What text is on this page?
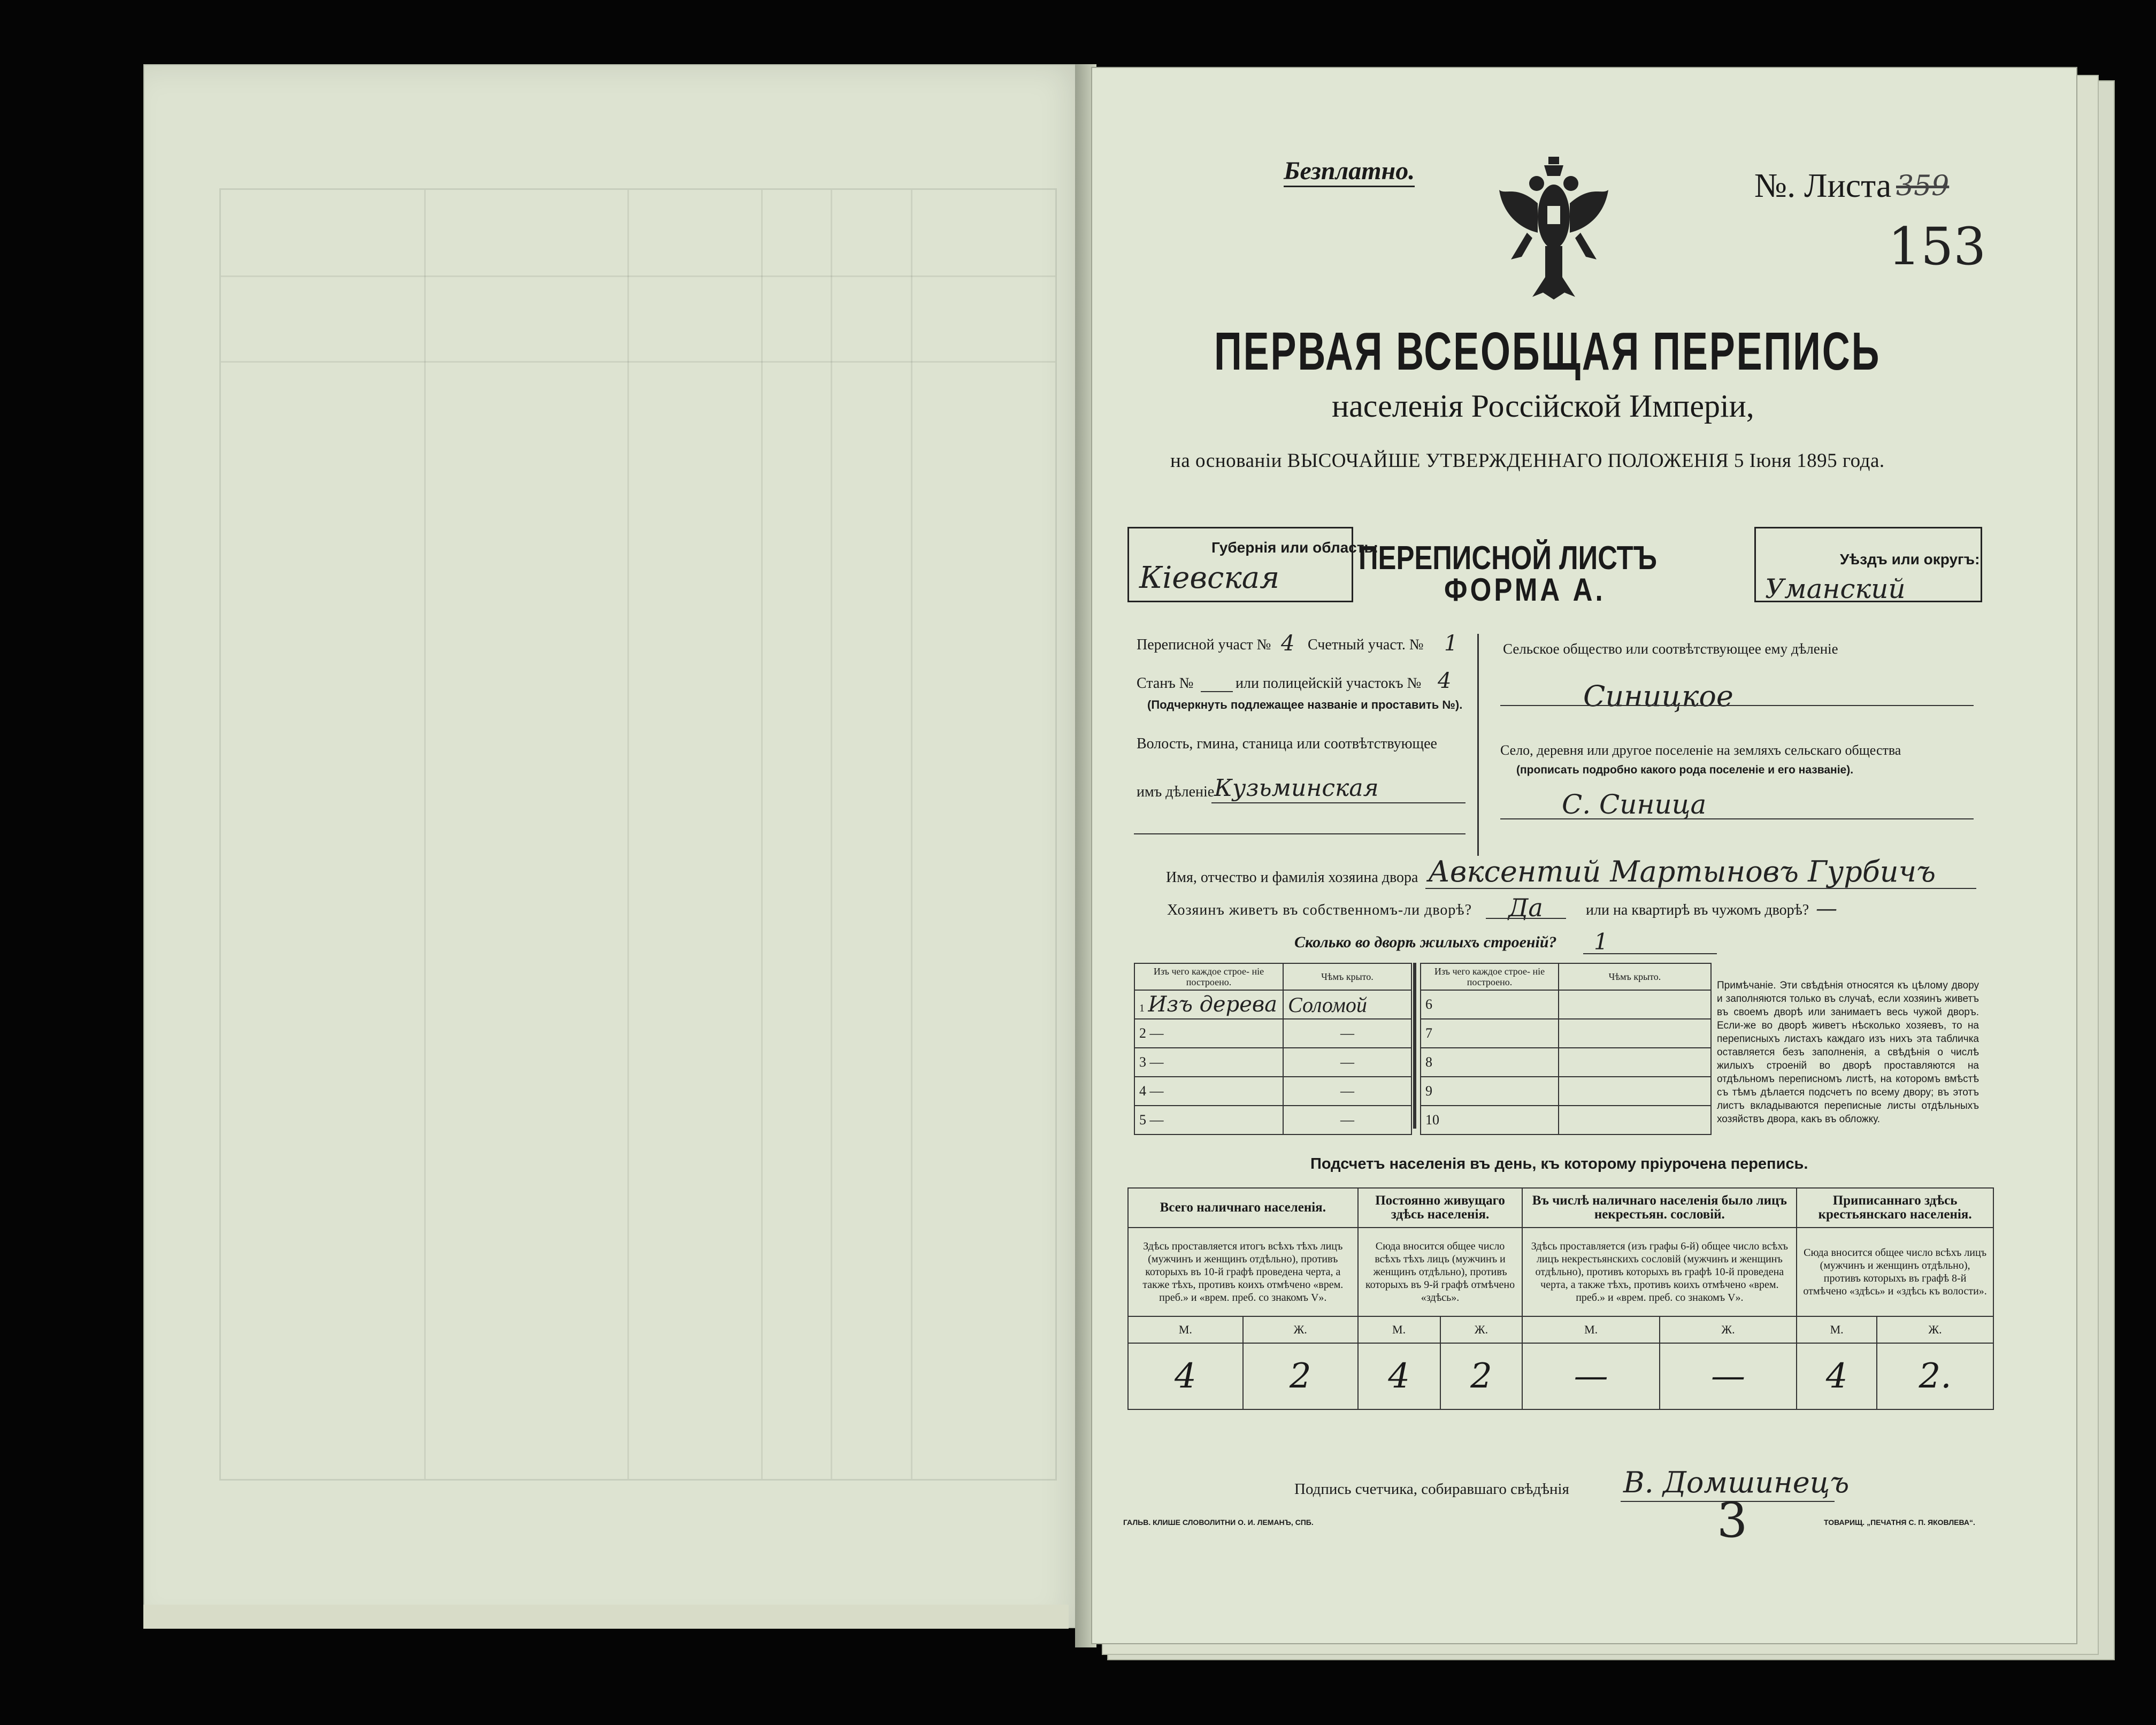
Безплатно.	№. Листа 359
153
ПЕРВАЯ ВСЕОБЩАЯ ПЕРЕПИСЬ
населенія Россійской Имперіи,
на основаніи ВЫСОЧАЙШЕ УТВЕРЖДЕННАГО ПОЛОЖЕНІЯ 5 Іюня 1895 года.
Губернія или область:
Кіевская
ПЕРЕПИСНОЙ ЛИСТЪ
ФОРМА А.
Уѣздъ или округъ:
Уманский
Переписной участ № 4 Счетный участ. № 1
Станъ №	или полицейскій участокъ № 4
(Подчеркнуть подлежащее названіе и проставить №).
Волость, гмина, станица или соотвѣтствующее
имъ дѣленіе Кузьминская
Сельское общество или соотвѣтствующее ему дѣленіе
Синицкое
Село, деревня или другое поселеніе на земляхъ сельскаго общества
(прописать подробно какого рода поселеніе и его названіе).
С. Синица
Имя, отчество и фамилія хозяина двора Авксентий Мартыновъ Гурбичъ
Хозяинъ живетъ въ собственномъ-ли дворѣ? Да	или на квартирѣ въ чужомъ дворѣ? —
Сколько во дворѣ жилыхъ строеній? 1
Изъ чего каждое строе- ніе построено.	Чѣмъ крыто.
1 Изъ дерева	Соломой
2 —	—
3 —	—
4 —	—
5 —	—
Изъ чего каждое строе- ніе построено.	Чѣмъ крыто.
6	
7	
8	
9	
10	
Примѣчаніе. Эти свѣдѣнія относятся къ цѣлому двору и заполняются только въ случаѣ, если хозяинъ живетъ въ своемъ дворѣ или занимаетъ весь чужой дворъ. Если-же во дворѣ живетъ нѣсколько хозяевъ, то на переписныхъ листахъ каждаго изъ нихъ эта табличка оставляется безъ заполненія, а свѣдѣнія о числѣ жилыхъ строеній во дворѣ проставляются на отдѣльномъ переписномъ листѣ, на которомъ вмѣстѣ съ тѣмъ дѣлается подсчетъ по всему двору; въ этотъ листъ вкладываются переписные листы отдѣльныхъ хозяйствъ двора, какъ въ обложку.
Подсчетъ населенія въ день, къ которому пріурочена перепись.
Всего наличнаго населенія.		Постоянно живущаго здѣсь населенія.		Въ числѣ наличнаго населенія было лицъ некрестьян. сословій.		Приписаннаго здѣсь крестьянскаго населенія.	
Здѣсь проставляется итогъ всѣхъ тѣхъ лицъ (мужчинъ и женщинъ отдѣльно), противъ которыхъ въ 10-й графѣ проведена черта, а также тѣхъ, противъ коихъ отмѣчено «врем. преб.» и «врем. преб. со знакомъ V».		Сюда вносится общее число всѣхъ тѣхъ лицъ (мужчинъ и женщинъ отдѣльно), противъ которыхъ въ 9-й графѣ отмѣчено «здѣсь».		Здѣсь проставляется (изъ графы 6-й) общее число всѣхъ лицъ некрестьянскихъ сословій (мужчинъ и женщинъ отдѣльно), противъ которыхъ въ графѣ 10-й проведена черта, а также тѣхъ, противъ коихъ отмѣчено «врем. преб.» и «врем. преб. со знакомъ V».		Сюда вносится общее число всѣхъ лицъ (мужчинъ и женщинъ отдѣльно), противъ которыхъ въ графѣ 8-й отмѣчено «здѣсь» и «здѣсь къ волости».	
М.	Ж.	М.	Ж.	М.	Ж.	М.	Ж.
4	2	4	2	—	—	4	2.
Подпись счетчика, собиравшаго свѣдѣнія В. Домшинецъ
3
ГАЛЬВ. КЛИШЕ СЛОВОЛИТНИ О. И. ЛЕМАНЪ, СПБ.	ТОВАРИЩ. „ПЕЧАТНЯ С. П. ЯКОВЛЕВА“.
